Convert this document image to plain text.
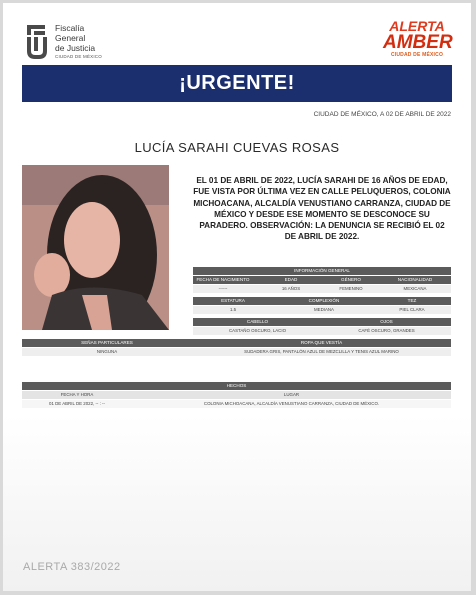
Fiscalía
General
de Justicia
CIUDAD DE MÉXICO
ALERTA
AMBER
CIUDAD DE MÉXICO
¡URGENTE!
CIUDAD DE MÉXICO, A 02 DE ABRIL DE 2022
LUCÍA SARAHI CUEVAS ROSAS
EL 01 DE ABRIL DE 2022, LUCÍA SARAHI DE 16 AÑOS DE EDAD, FUE VISTA POR ÚLTIMA VEZ EN CALLE PELUQUEROS, COLONIA MICHOACANA, ALCALDÍA VENUSTIANO CARRANZA, CIUDAD DE MÉXICO Y DESDE ESE MOMENTO SE DESCONOCE SU PARADERO. OBSERVACIÓN: LA DENUNCIA SE RECIBIÓ EL 02 DE ABRIL DE 2022.
INFORMACIÓN GENERAL
FECHA DE NACIMIENTO	EDAD	GÉNERO	NACIONALIDAD
------	16 AÑOS	FEMENINO	MEXICANA
ESTATURA	COMPLEXIÓN	TEZ
1.5	MEDIANA	PIEL CLARA
CABELLO	OJOS
CASTAÑO OSCURO, LACIO	CAFÉ OSCURO, GRANDES
SEÑAS PARTICULARES	ROPA QUE VESTÍA
NINGUNA	SUDADERA GRIS, PANTALÓN AZUL DE MEZCLILLA Y TENIS AZUL MARINO
HECHOS
FECHA Y HORA	LUGAR
01 DE ABRIL DE 2022, -- : --	COLONIA MICHOACANA, ALCALDÍA VENUSTIANO CARRANZA, CIUDAD DE MÉXICO.
ALERTA 383/2022
